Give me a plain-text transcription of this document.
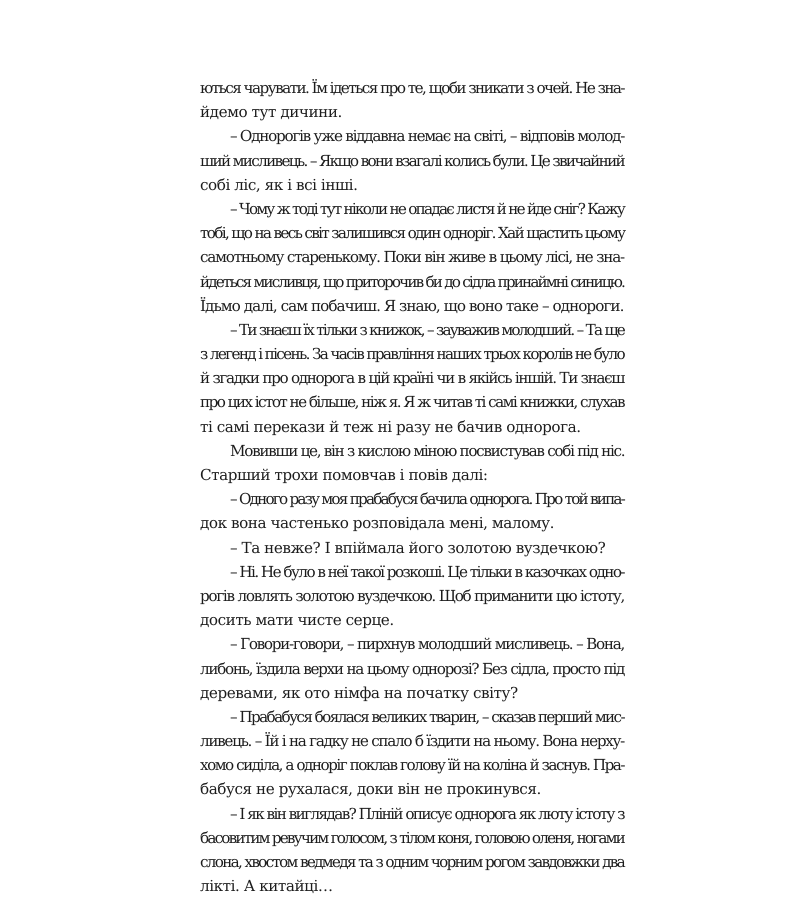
ються чарувати. Їм ідеться про те, щоби зникати з очей. Не зна-
йдемо тут дичини.
– Однорогів уже віддавна немає на світі, – відповів молод-
ший мисливець. – Якщо вони взагалі колись були. Це звичайний
собі ліс, як і всі інші.
– Чому ж тоді тут ніколи не опадає листя й не йде сніг? Кажу
тобі, що на весь світ залишився один одноріг. Хай щастить цьому
самотньому старенькому. Поки він живе в цьому лісі, не зна-
йдеться мисливця, що приторочив би до сідла принаймні синицю.
Їдьмо далі, сам побачиш. Я знаю, що воно таке – однороги.
– Ти знаєш їх тільки з книжок, – зауважив молодший. – Та ще
з легенд і пісень. За часів правління наших трьох королів не було
й згадки про однорога в цій країні чи в якійсь іншій. Ти знаєш
про цих істот не більше, ніж я. Я ж читав ті самі книжки, слухав
ті самі перекази й теж ні разу не бачив однорога.
Мовивши це, він з кислою міною посвистував собі під ніс.
Старший трохи помовчав і повів далі:
– Одного разу моя прабабуся бачила однорога. Про той випа-
док вона частенько розповідала мені, малому.
– Та невже? І впіймала його золотою вуздечкою?
– Ні. Не було в неї такої розкоші. Це тільки в казочках одно-
рогів ловлять золотою вуздечкою. Щоб приманити цю істоту,
досить мати чисте серце.
– Говори-говори, – пирхнув молодший мисливець. – Вона,
либонь, їздила верхи на цьому однорозі? Без сідла, просто під
деревами, як ото німфа на початку світу?
– Прабабуся боялася великих тварин, – сказав перший мис-
ливець. – Їй і на гадку не спало б їздити на ньому. Вона нерху-
хомо сиділа, а одноріг поклав голову їй на коліна й заснув. Пра-
бабуся не рухалася, доки він не прокинувся.
– І як він виглядав? Пліній описує однорога як люту істоту з
басовитим ревучим голосом, з тілом коня, головою оленя, ногами
слона, хвостом ведмедя та з одним чорним рогом завдовжки два
лікті. А китайці…
